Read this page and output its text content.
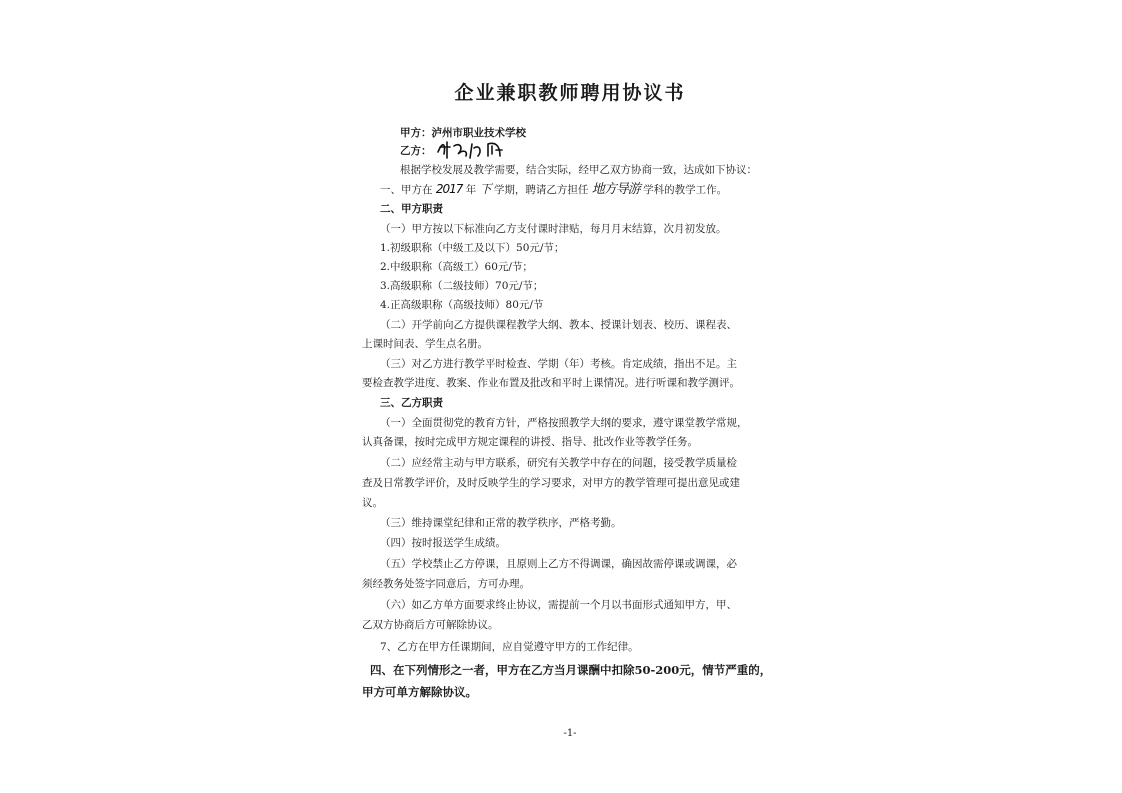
企业兼职教师聘用协议书
甲方：泸州市职业技术学校
乙方：
根据学校发展及教学需要，结合实际，经甲乙双方协商一致，达成如下协议：
一、甲方在 2017 年 下 学期，聘请乙方担任 地方导游 学科的教学工作。
二、甲方职责
（一）甲方按以下标准向乙方支付课时津贴，每月月末结算，次月初发放。
1.初级职称（中级工及以下）50元/节；
2.中级职称（高级工）60元/节；
3.高级职称（二级技师）70元/节；
4.正高级职称（高级技师）80元/节
（二）开学前向乙方提供课程教学大纲、教本、授课计划表、校历、课程表、
上课时间表、学生点名册。
（三）对乙方进行教学平时检查、学期（年）考核。肯定成绩，指出不足。主
要检查教学进度、教案、作业布置及批改和平时上课情况。进行听课和教学测评。
三、乙方职责
（一）全面贯彻党的教育方针，严格按照教学大纲的要求，遵守课堂教学常规，
认真备课，按时完成甲方规定课程的讲授、指导、批改作业等教学任务。
（二）应经常主动与甲方联系，研究有关教学中存在的问题，接受教学质量检
查及日常教学评价，及时反映学生的学习要求，对甲方的教学管理可提出意见或建
议。
（三）维持课堂纪律和正常的教学秩序，严格考勤。
（四）按时报送学生成绩。
（五）学校禁止乙方停课，且原则上乙方不得调课，确因故需停课或调课，必
须经教务处签字同意后，方可办理。
（六）如乙方单方面要求终止协议，需提前一个月以书面形式通知甲方，甲、
乙双方协商后方可解除协议。
7、乙方在甲方任课期间，应自觉遵守甲方的工作纪律。
四、在下列情形之一者，甲方在乙方当月课酬中扣除50-200元，情节严重的，
甲方可单方解除协议。
-1-
